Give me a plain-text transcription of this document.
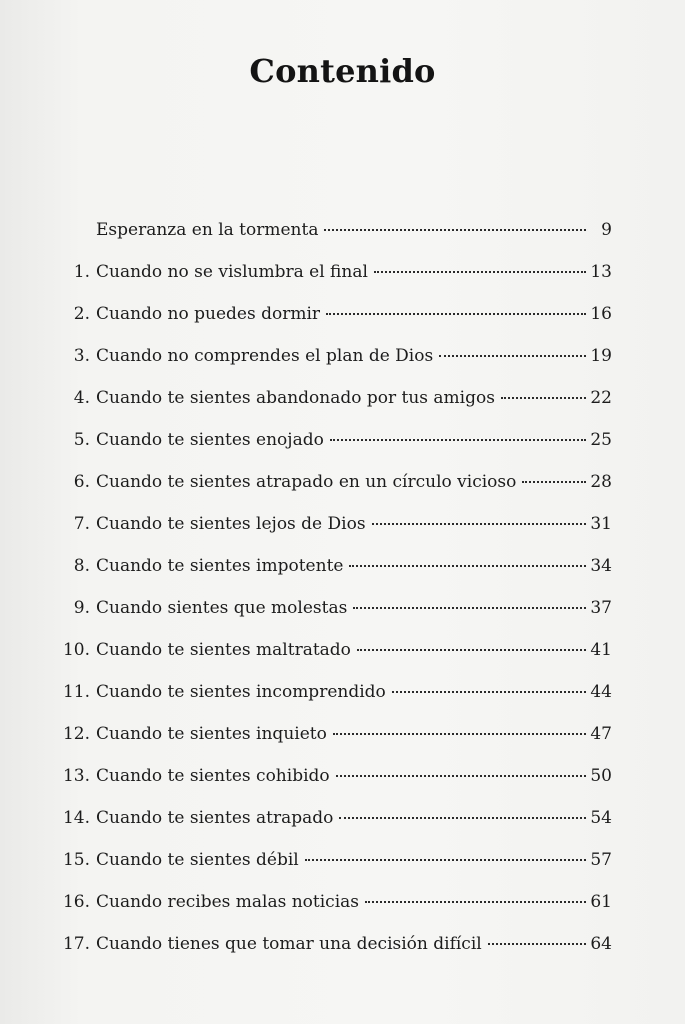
Contenido
Esperanza en la tormenta	9
1. Cuando no se vislumbra el final	13
2. Cuando no puedes dormir	16
3. Cuando no comprendes el plan de Dios	19
4. Cuando te sientes abandonado por tus amigos	22
5. Cuando te sientes enojado	25
6. Cuando te sientes atrapado en un círculo vicioso	28
7. Cuando te sientes lejos de Dios	31
8. Cuando te sientes impotente	34
9. Cuando sientes que molestas	37
10. Cuando te sientes maltratado	41
11. Cuando te sientes incomprendido	44
12. Cuando te sientes inquieto	47
13. Cuando te sientes cohibido	50
14. Cuando te sientes atrapado	54
15. Cuando te sientes débil	57
16. Cuando recibes malas noticias	61
17. Cuando tienes que tomar una decisión difícil	64
